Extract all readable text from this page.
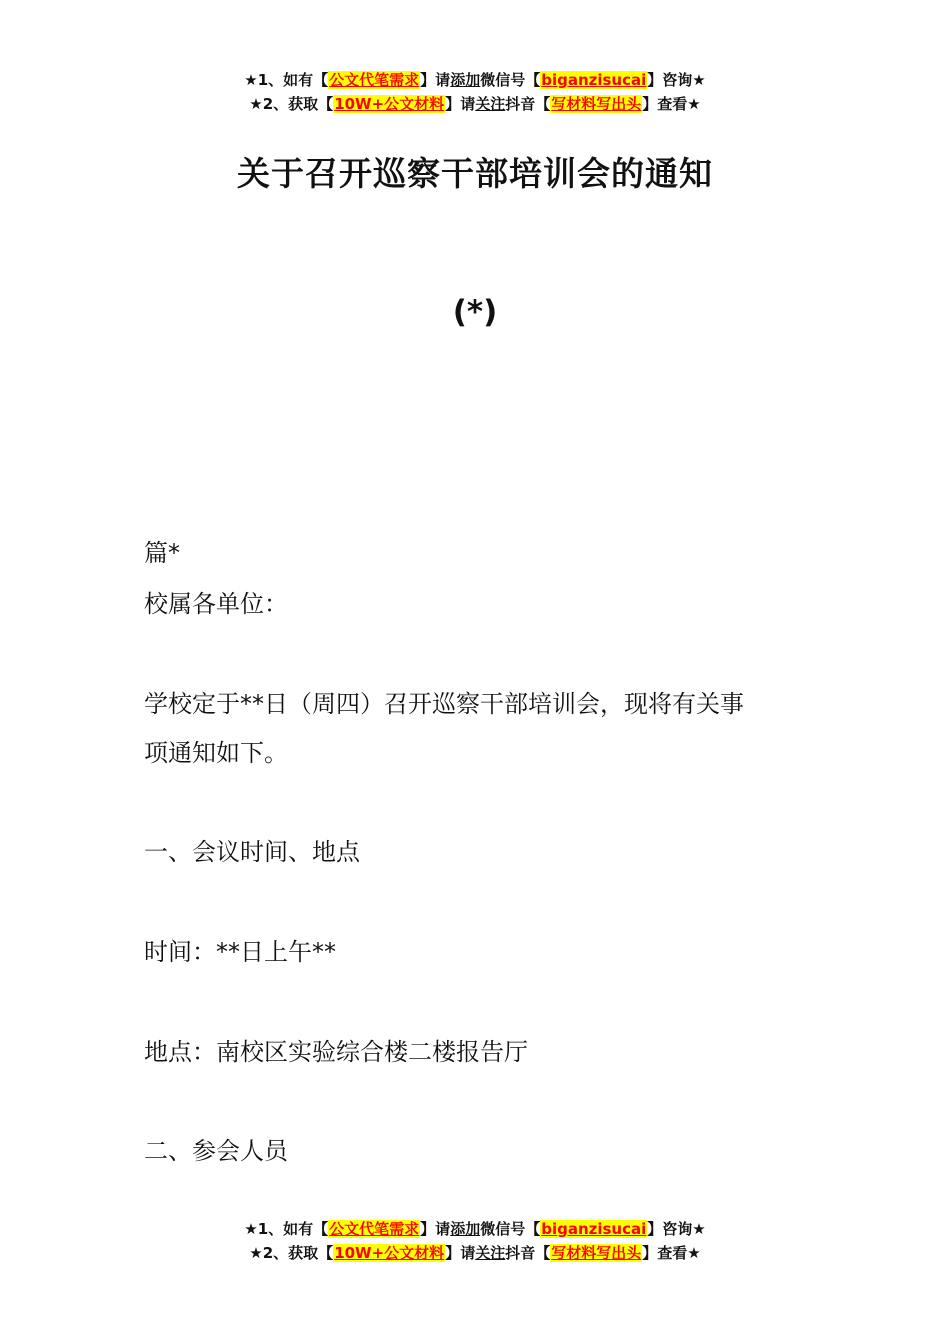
★1、如有【公文代笔需求】请添加微信号【biganzisucai】咨询★
★2、获取【10W+公文材料】请关注抖音【写材料写出头】查看★
关于召开巡察干部培训会的通知
(*)
篇*
校属各单位：
学校定于**日（周四）召开巡察干部培训会，现将有关事
项通知如下。
一、会议时间、地点
时间：**日上午**
地点：南校区实验综合楼二楼报告厅
二、参会人员
★1、如有【公文代笔需求】请添加微信号【biganzisucai】咨询★
★2、获取【10W+公文材料】请关注抖音【写材料写出头】查看★
